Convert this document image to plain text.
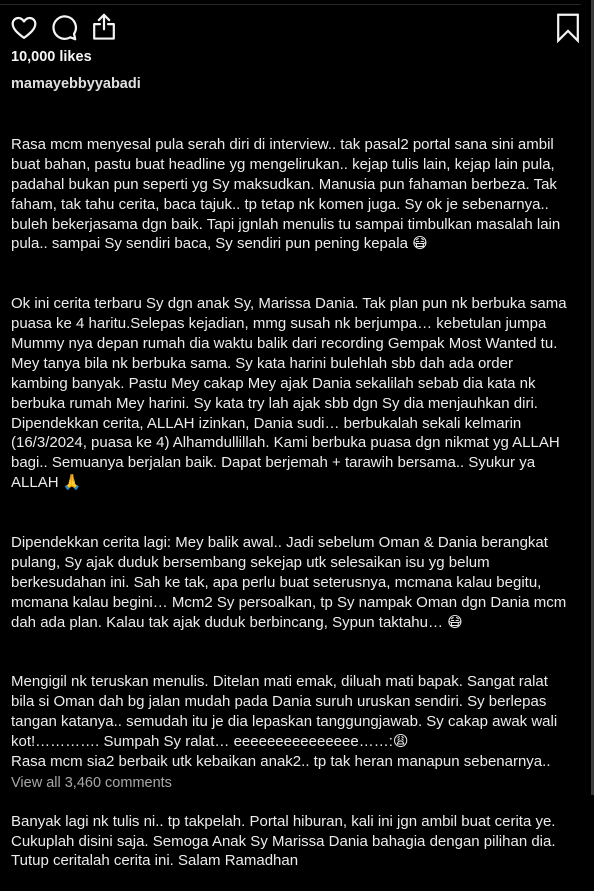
10,000 likes
mamayebbyyabadi

Rasa mcm menyesal pula serah diri di interview.. tak pasal2 portal sana sini ambil
buat bahan, pastu buat headline yg mengelirukan.. kejap tulis lain, kejap lain pula,
padahal bukan pun seperti yg Sy maksudkan. Manusia pun fahaman berbeza. Tak
faham, tak tahu cerita, baca tajuk.. tp tetap nk komen juga. Sy ok je sebenarnya..
buleh bekerjasama dgn baik. Tapi jgnlah menulis tu sampai timbulkan masalah lain
pula.. sampai Sy sendiri baca, Sy sendiri pun pening kepala 😷

Ok ini cerita terbaru Sy dgn anak Sy, Marissa Dania. Tak plan pun nk berbuka sama
puasa ke 4 haritu.Selepas kejadian, mmg susah nk berjumpa… kebetulan jumpa
Mummy nya depan rumah dia waktu balik dari recording Gempak Most Wanted tu.
Mey tanya bila nk berbuka sama. Sy kata harini bulehlah sbb dah ada order
kambing banyak. Pastu Mey cakap Mey ajak Dania sekalilah sebab dia kata nk
berbuka rumah Mey harini. Sy kata try lah ajak sbb dgn Sy dia menjauhkan diri.
Dipendekkan cerita, ALLAH izinkan, Dania sudi… berbukalah sekali kelmarin
(16/3/2024, puasa ke 4) Alhamdullillah. Kami berbuka puasa dgn nikmat yg ALLAH
bagi.. Semuanya berjalan baik. Dapat berjemah + tarawih bersama.. Syukur ya
ALLAH 🙏

Dipendekkan cerita lagi: Mey balik awal.. Jadi sebelum Oman & Dania berangkat
pulang, Sy ajak duduk bersembang sekejap utk selesaikan isu yg belum
berkesudahan ini. Sah ke tak, apa perlu buat seterusnya, mcmana kalau begitu,
mcmana kalau begini… Mcm2 Sy persoalkan, tp Sy nampak Oman dgn Dania mcm
dah ada plan. Kalau tak ajak duduk berbincang, Sypun taktahu… 😷

Mengigil nk teruskan menulis. Ditelan mati emak, diluah mati bapak. Sangat ralat
bila si Oman dah bg jalan mudah pada Dania suruh uruskan sendiri. Sy berlepas
tangan katanya.. semudah itu je dia lepaskan tanggungjawab. Sy cakap awak wali
kot!…………. Sumpah Sy ralat… eeeeeeeeeeeeeee……:😩
Rasa mcm sia2 berbaik utk kebaikan anak2.. tp tak heran manapun sebenarnya..

Banyak lagi nk tulis ni.. tp takpelah. Portal hiburan, kali ini jgn ambil buat cerita ye.
Cukuplah disini saja. Semoga Anak Sy Marissa Dania bahagia dengan pilihan dia.
Tutup ceritalah cerita ini. Salam Ramadhan

View all 3,460 comments
